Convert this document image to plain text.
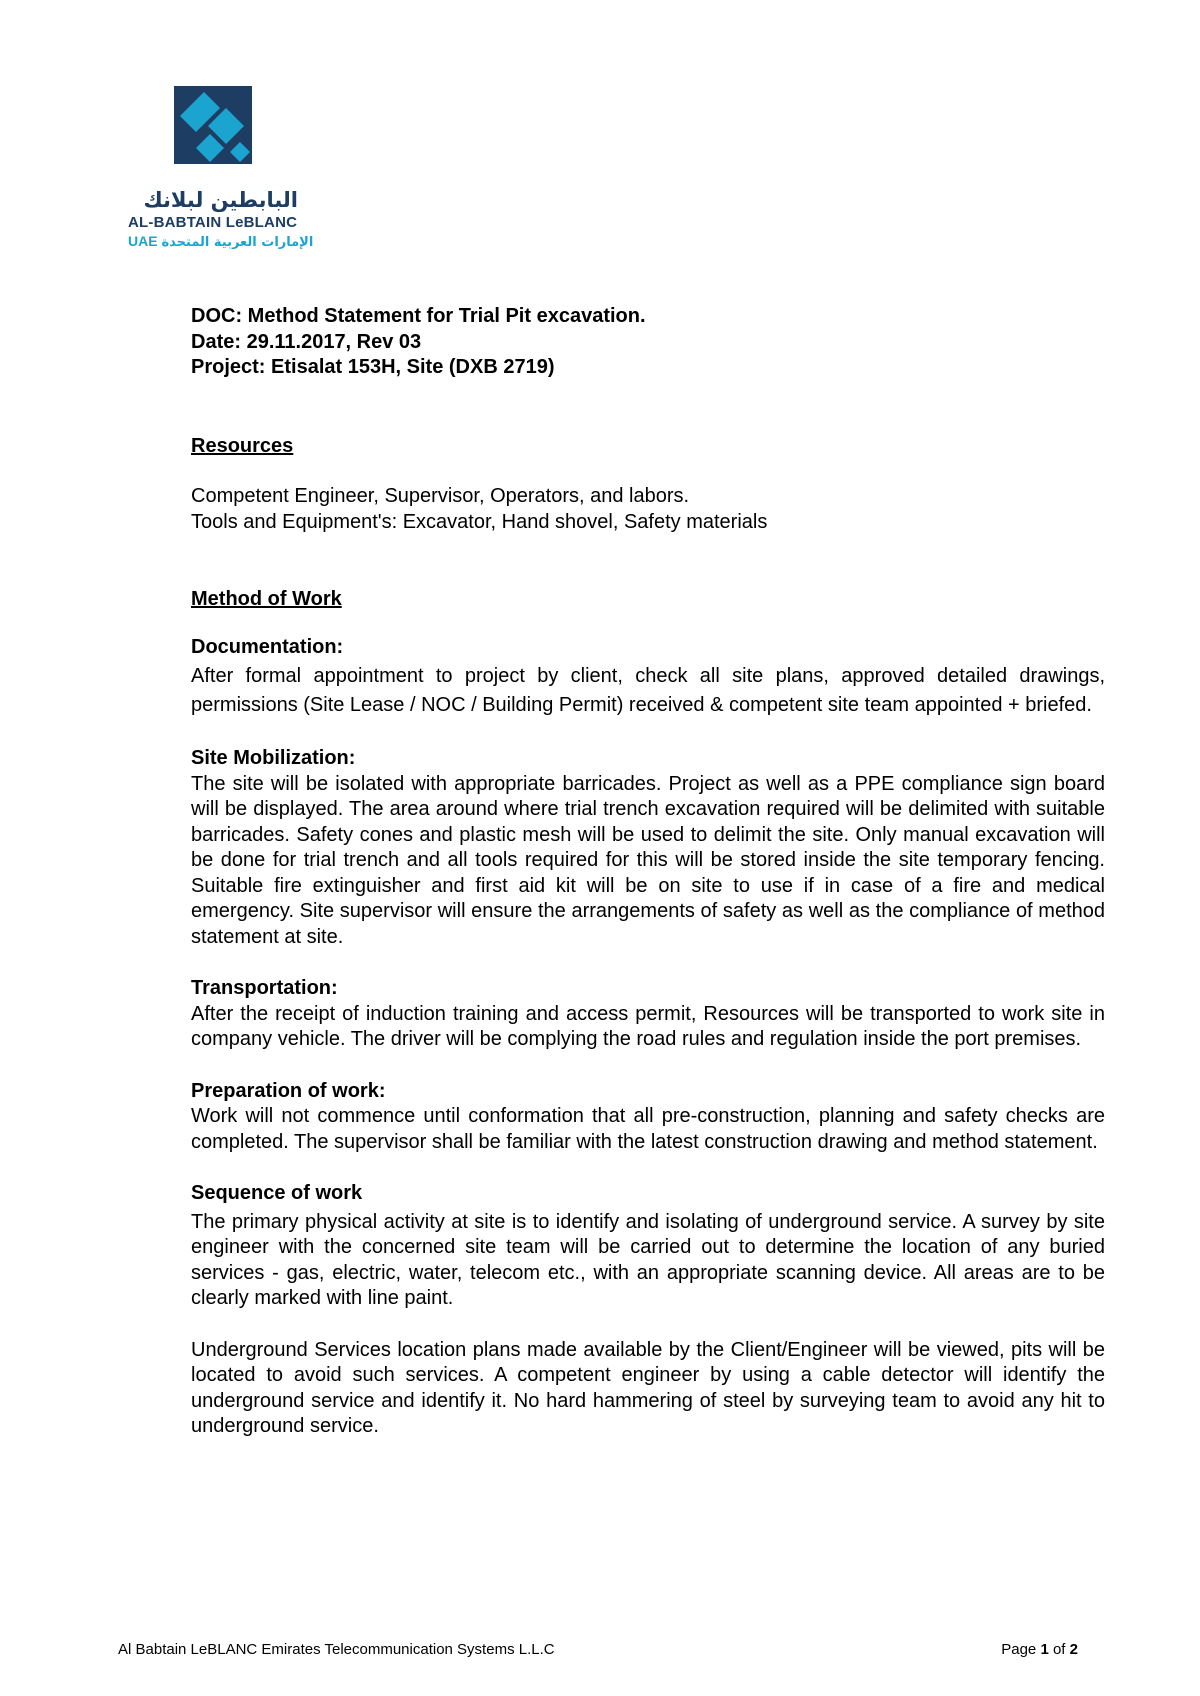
البابطين لبلانك
AL-BABTAIN LeBLANC
UAE الإمارات العربية المتحدة

DOC: Method Statement for Trial Pit excavation.

Date: 29.11.2017, Rev 03

Project: Etisalat 153H, Site (DXB 2719)

Resources

Competent Engineer, Supervisor, Operators, and labors.

Tools and Equipment's: Excavator, Hand shovel, Safety materials

Method of Work

Documentation:

After formal appointment to project by client, check all site plans, approved detailed drawings, permissions (Site Lease / NOC / Building Permit) received & competent site team appointed + briefed.

Site Mobilization:

The site will be isolated with appropriate barricades. Project as well as a PPE compliance sign board will be displayed. The area around where trial trench excavation required will be delimited with suitable barricades. Safety cones and plastic mesh will be used to delimit the site. Only manual excavation will be done for trial trench and all tools required for this will be stored inside the site temporary fencing. Suitable fire extinguisher and first aid kit will be on site to use if in case of a fire and medical emergency. Site supervisor will ensure the arrangements of safety as well as the compliance of method statement at site.

Transportation:

After the receipt of induction training and access permit, Resources will be transported to work site in company vehicle. The driver will be complying the road rules and regulation inside the port premises.

Preparation of work:

Work will not commence until conformation that all pre-construction, planning and safety checks are completed. The supervisor shall be familiar with the latest construction drawing and method statement.

Sequence of work

The primary physical activity at site is to identify and isolating of underground service. A survey by site engineer with the concerned site team will be carried out to determine the location of any buried services - gas, electric, water, telecom etc., with an appropriate scanning device. All areas are to be clearly marked with line paint.

Underground Services location plans made available by the Client/Engineer will be viewed, pits will be located to avoid such services. A competent engineer by using a cable detector will identify the underground service and identify it. No hard hammering of steel by surveying team to avoid any hit to underground service.

Al Babtain LeBLANC Emirates Telecommunication Systems L.L.C	Page 1 of 2
